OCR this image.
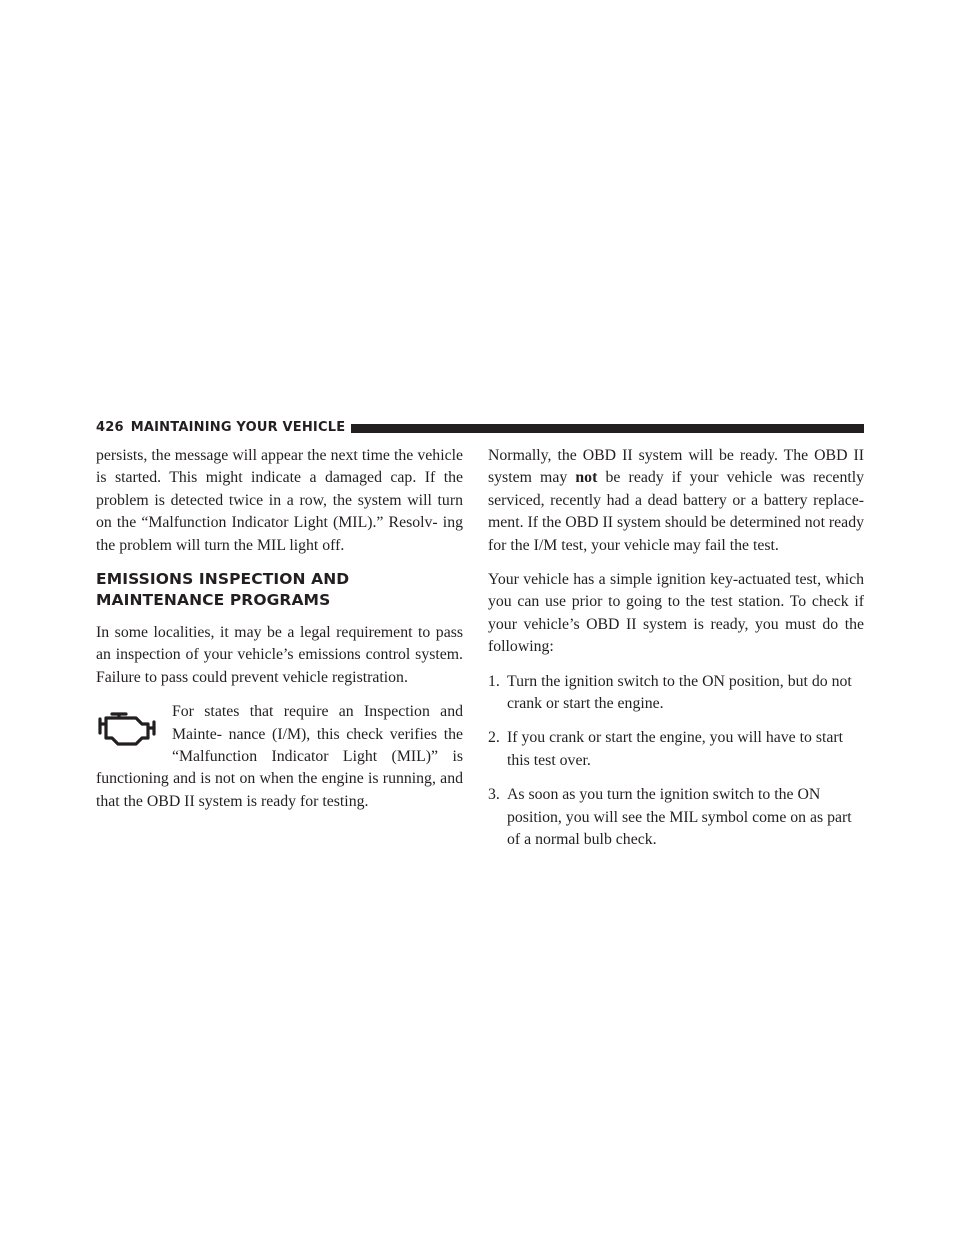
426 MAINTAINING YOUR VEHICLE

persists, the message will appear the next time the vehicle is started. This might indicate a damaged cap. If the problem is detected twice in a row, the system will turn on the “Malfunction Indicator Light (MIL).” Resolv- ing the problem will turn the MIL light off.

EMISSIONS INSPECTION AND MAINTENANCE PROGRAMS

In some localities, it may be a legal requirement to pass an inspection of your vehicle’s emissions control system. Failure to pass could prevent vehicle registration.

For states that require an Inspection and Mainte- nance (I/M), this check verifies the “Malfunction Indicator Light (MIL)” is functioning and is not on when the engine is running, and that the OBD II system is ready for testing.

Normally, the OBD II system will be ready. The OBD II system may not be ready if your vehicle was recently serviced, recently had a dead battery or a battery replace- ment. If the OBD II system should be determined not ready for the I/M test, your vehicle may fail the test.

Your vehicle has a simple ignition key-actuated test, which you can use prior to going to the test station. To check if your vehicle’s OBD II system is ready, you must do the following:

1. Turn the ignition switch to the ON position, but do not crank or start the engine.
2. If you crank or start the engine, you will have to start this test over.
3. As soon as you turn the ignition switch to the ON position, you will see the MIL symbol come on as part of a normal bulb check.
